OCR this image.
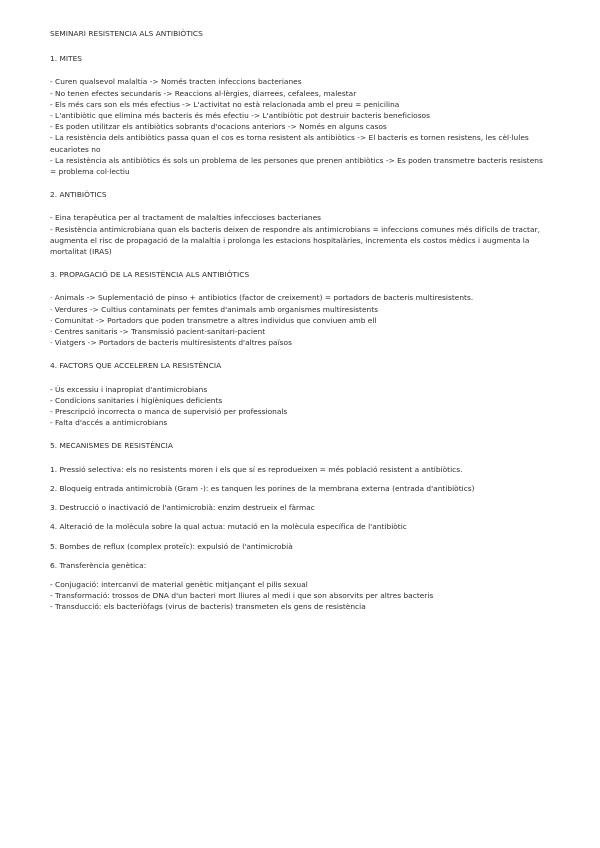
SEMINARI RESISTENCIA ALS ANTIBIÒTICS

1. MITES

- Curen qualsevol malaltia -> Només tracten infeccions bacterianes

- No tenen efectes secundaris -> Reaccions al·lèrgies, diarrees, cefalees, malestar

- Els més cars son els més efectius -> L'activitat no està relacionada amb el preu = penicilina

- L'antibiòtic que elimina més bacteris és més efectiu -> L'antibiòtic pot destruir bacteris beneficiosos

- Es poden utilitzar els antibiòtics sobrants d'ocacions anteriors -> Només en alguns casos

- La resistència dels antibiòtics passa quan el cos es torna resistent als antibiòtics -> El bacteris es tornen resistens, les cèl·lules eucariotes no

- La resistència als antibiòtics és sols un problema de les persones que prenen antibiòtics -> Es poden transmetre bacteris resistens = problema col·lectiu

2. ANTIBIÒTICS

- Eina terapèutica per al tractament de malalties infeccioses bacterianes

- Resistència antimicrobiana quan els bacteris deixen de respondre als antimicrobians = infeccions comunes més difícils de tractar, augmenta el risc de propagació de la malaltia i prolonga les estacions hospitalàries, incrementa els costos mèdics i augmenta la mortalitat (IRAS)

3. PROPAGACIÓ DE LA RESISTÈNCIA ALS ANTIBIÒTICS

· Animals -> Suplementació de pinso + antibiotics (factor de creixement) = portadors de bacteris multiresistents.

· Verdures -> Cultius contaminats per femtes d'animals amb organismes multiresistents

· Comunitat -> Portadors que poden transmetre a altres individus que conviuen amb ell

· Centres sanitaris -> Transmissió pacient-sanitari-pacient

· Viatgers -> Portadors de bacteris multiresistents d'altres països

4. FACTORS QUE ACCELEREN LA RESISTÈNCIA

- Ús excessiu i inapropiat d'antimicrobians

- Condicions sanitaries i higièniques deficients

- Prescripció incorrecta o manca de supervisió per professionals

- Falta d'accés a antimicrobians

5. MECANISMES DE RESISTÈNCIA

1. Pressió selectiva: els no resistents moren i els que sí es reprodueixen = més població resistent a antibiòtics.

2. Bloqueig entrada antimicrobià (Gram -): es tanquen les porines de la membrana externa (entrada d'antibiòtics)

3. Destrucció o inactivació de l'antimicrobià: enzim destrueix el fàrmac

4. Alteració de la molècula sobre la qual actua: mutació en la molècula específica de l'antibiòtic

5. Bombes de reflux (complex proteïc): expulsió de l'antimicrobià

6. Transferència genètica:

- Conjugació: intercanvi de material genètic mitjançant el pilis sexual

- Transformació: trossos de DNA d'un bacteri mort lliures al medi i que son absorvits per altres bacteris

- Transducció: els bacteriòfags (virus de bacteris) transmeten els gens de resistència
